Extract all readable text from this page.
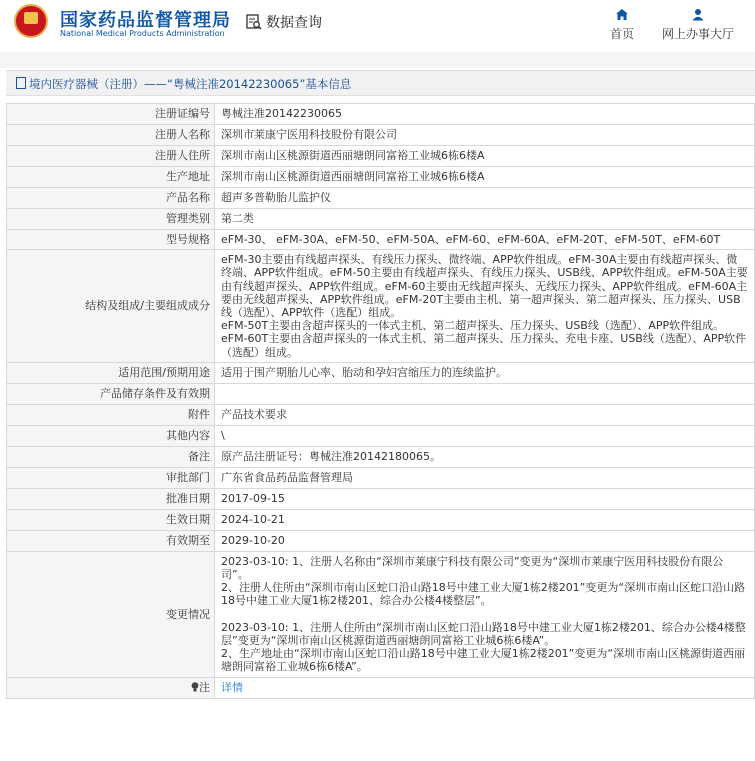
国家药品监督管理局
National Medical Products Administration
数据查询
首页	网上办事大厅
境内医疗器械（注册）——“粤械注准20142230065”基本信息
注册证编号	粤械注准20142230065
注册人名称	深圳市莱康宁医用科技股份有限公司
注册人住所	深圳市南山区桃源街道西丽塘朗同富裕工业城6栋6楼A
生产地址	深圳市南山区桃源街道西丽塘朗同富裕工业城6栋6楼A
产品名称	超声多普勒胎儿监护仪
管理类别	第二类
型号规格	eFM-30、 eFM-30A、eFM-50、eFM-50A、eFM-60、eFM-60A、eFM-20T、eFM-50T、eFM-60T
结构及组成/主要组成成分	eFM-30主要由有线超声探头、有线压力探头、微终端、APP软件组成。eFM-30A主要由有线超声探头、微终端、APP软件组成。eFM-50主要由有线超声探头、有线压力探头、USB线、APP软件组成。eFM-50A主要由有线超声探头、APP软件组成。eFM-60主要由无线超声探头、无线压力探头、APP软件组成。eFM-60A主要由无线超声探头、APP软件组成。eFM-20T主要由主机、第一超声探头、第二超声探头、压力探头、USB线（选配）、APP软件（选配）组成。
eFM-50T主要由含超声探头的一体式主机、第二超声探头、压力探头、USB线（选配）、APP软件组成。
eFM-60T主要由含超声探头的一体式主机、第二超声探头、压力探头、充电卡座、USB线（选配）、APP软件（选配）组成。
适用范围/预期用途	适用于围产期胎儿心率、胎动和孕妇宫缩压力的连续监护。
产品储存条件及有效期	
附件	产品技术要求
其他内容	\
备注	原产品注册证号：粤械注准20142180065。
审批部门	广东省食品药品监督管理局
批准日期	2017-09-15
生效日期	2024-10-21
有效期至	2029-10-20
变更情况	2023-03-10: 1、注册人名称由“深圳市莱康宁科技有限公司”变更为“深圳市莱康宁医用科技股份有限公司”。
2、注册人住所由“深圳市南山区蛇口沿山路18号中建工业大厦1栋2楼201”变更为“深圳市南山区蛇口沿山路18号中建工业大厦1栋2楼201、综合办公楼4楼整层”。

2023-03-10: 1、注册人住所由“深圳市南山区蛇口沿山路18号中建工业大厦1栋2楼201、综合办公楼4楼整层”变更为“深圳市南山区桃源街道西丽塘朗同富裕工业城6栋6楼A”。
2、生产地址由“深圳市南山区蛇口沿山路18号中建工业大厦1栋2楼201”变更为“深圳市南山区桃源街道西丽塘朗同富裕工业城6栋6楼A”。
注	详情
